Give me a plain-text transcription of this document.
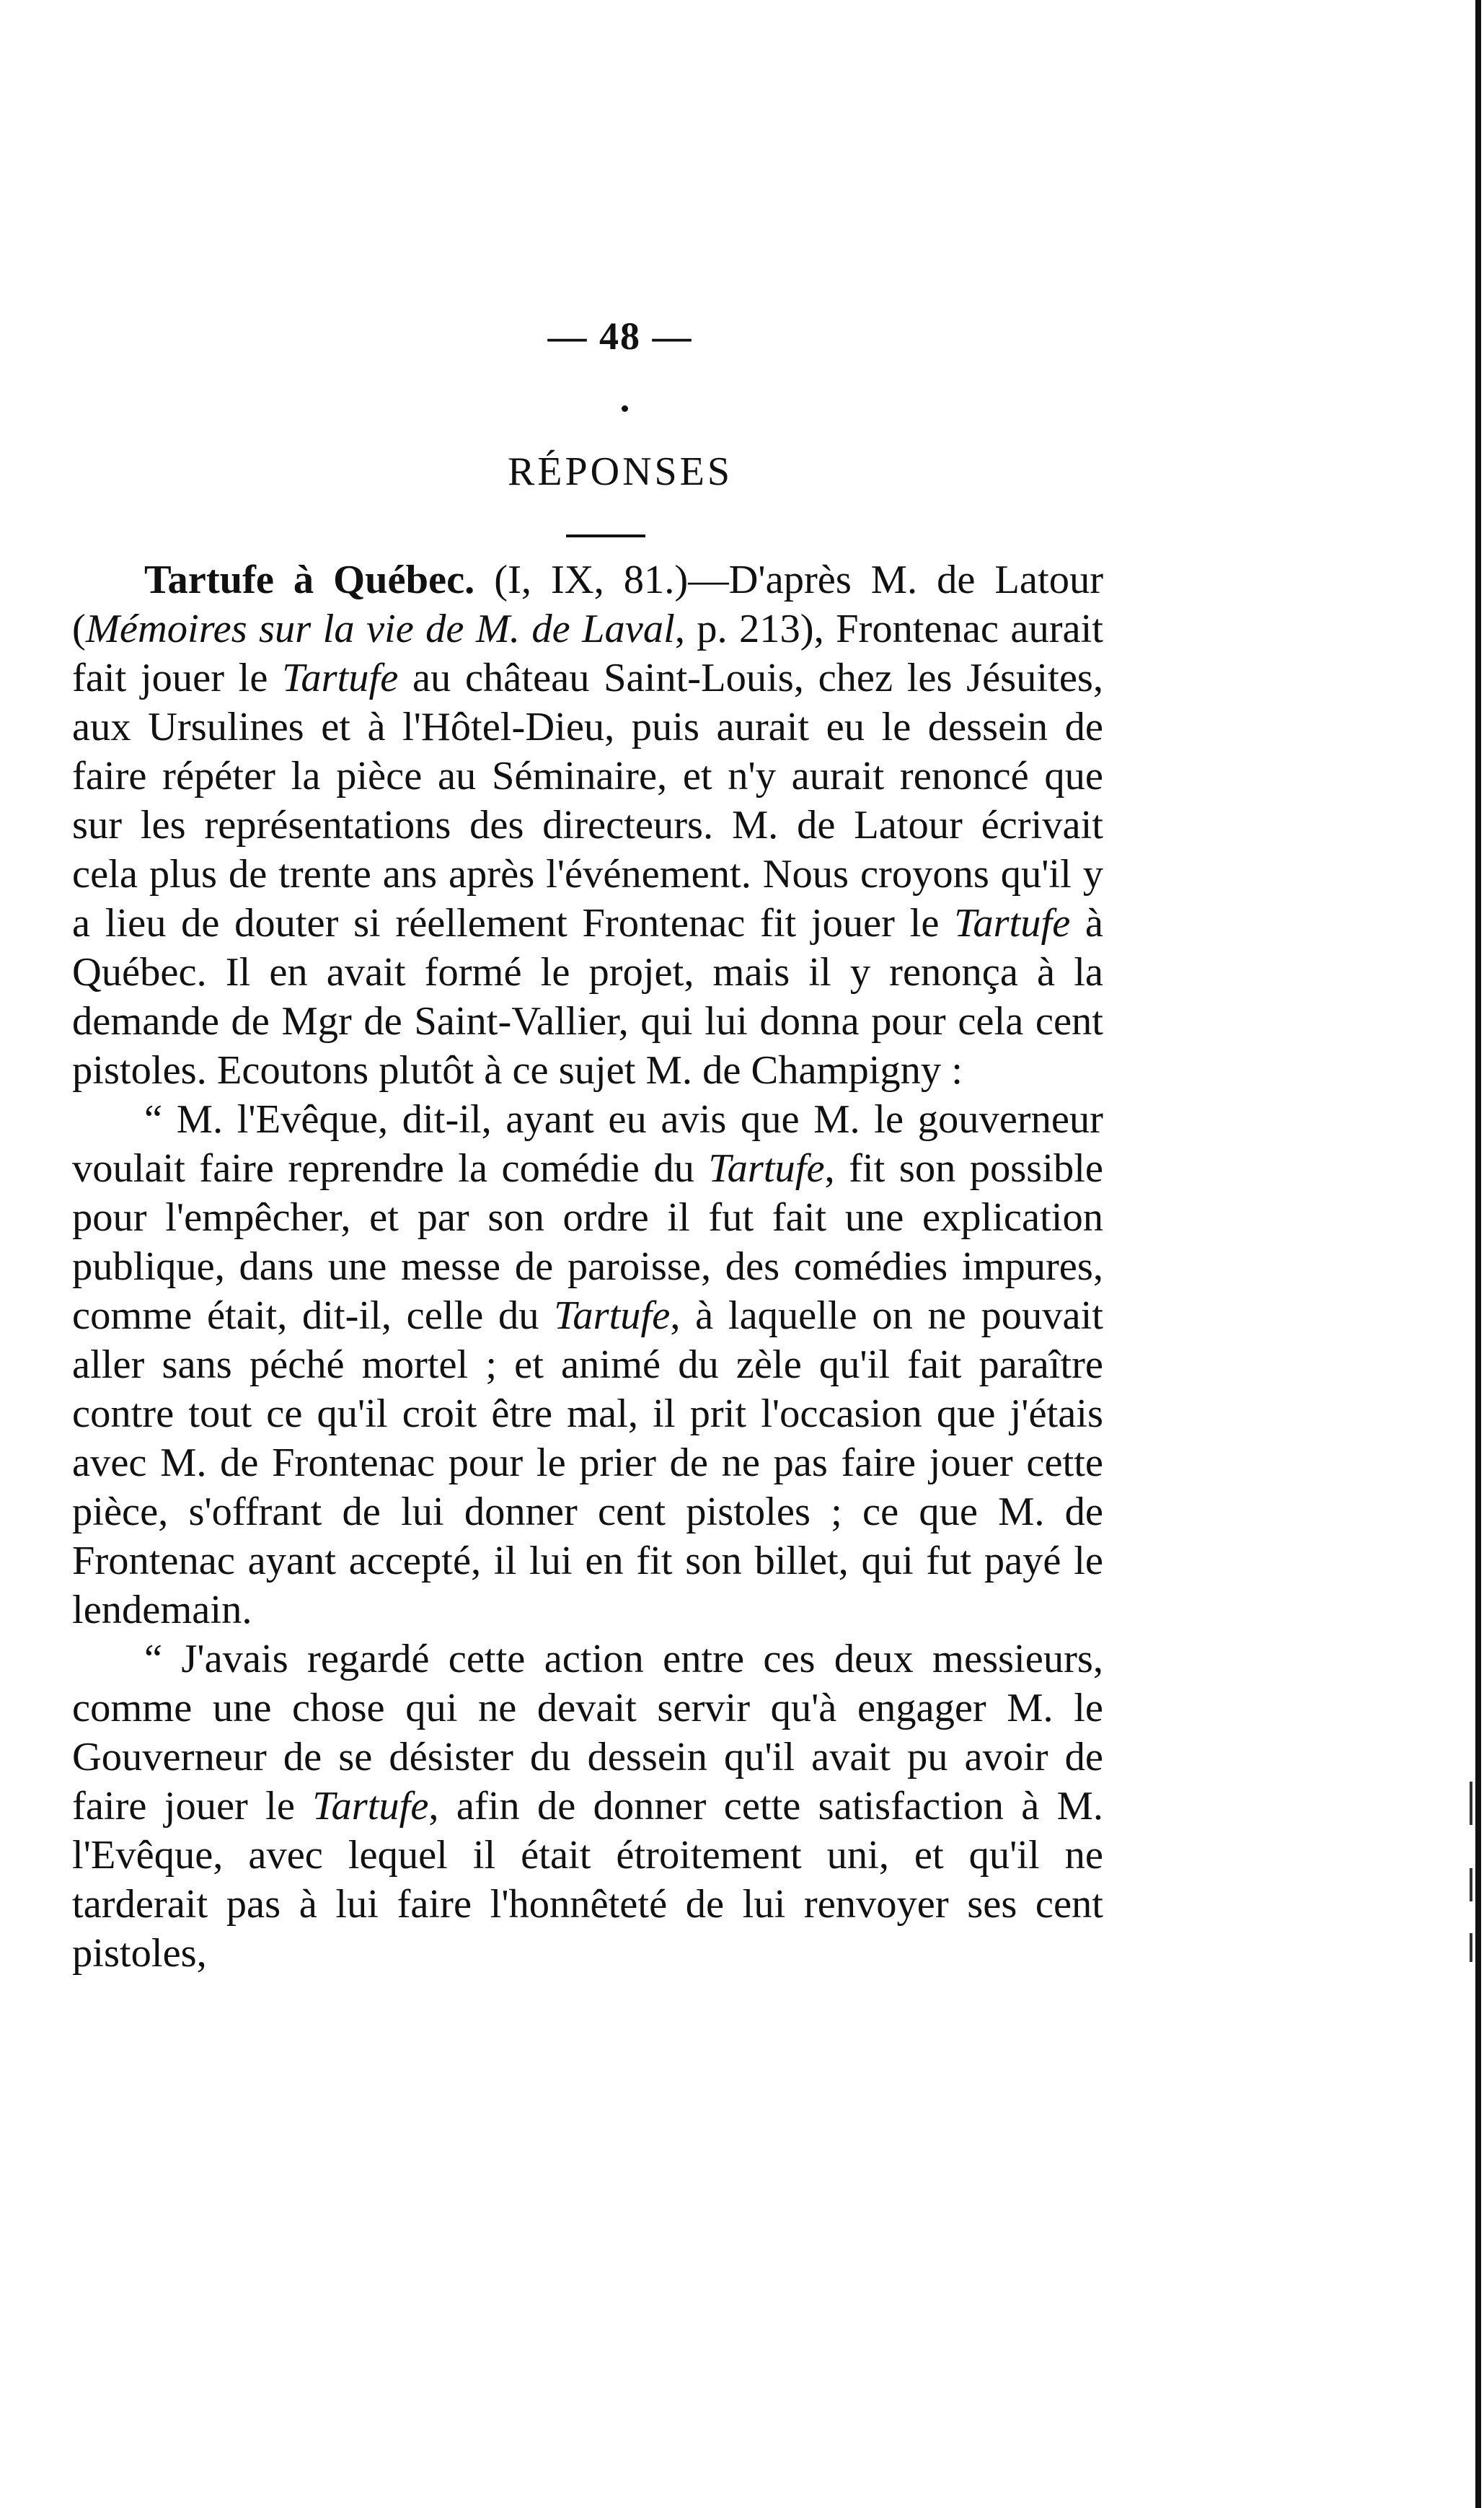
— 48 —
RÉPONSES

Tartufe à Québec. (I, IX, 81.)—D'après M. de Latour (Mémoires sur la vie de M. de Laval, p. 213), Frontenac aurait fait jouer le Tartufe au château Saint-Louis, chez les Jésuites, aux Ursulines et à l'Hôtel-Dieu, puis aurait eu le dessein de faire répéter la pièce au Séminaire, et n'y aurait renoncé que sur les représentations des directeurs. M. de Latour écrivait cela plus de trente ans après l'événement. Nous croyons qu'il y a lieu de douter si réellement Frontenac fit jouer le Tartufe à Québec. Il en avait formé le projet, mais il y renonça à la demande de Mgr de Saint-Vallier, qui lui donna pour cela cent pistoles. Ecoutons plutôt à ce sujet M. de Champigny :

“ M. l'Evêque, dit-il, ayant eu avis que M. le gouverneur voulait faire reprendre la comédie du Tartufe, fit son possible pour l'empêcher, et par son ordre il fut fait une explication publique, dans une messe de paroisse, des comédies impures, comme était, dit-il, celle du Tartufe, à laquelle on ne pouvait aller sans péché mortel ; et animé du zèle qu'il fait paraître contre tout ce qu'il croit être mal, il prit l'occasion que j'étais avec M. de Frontenac pour le prier de ne pas faire jouer cette pièce, s'offrant de lui donner cent pistoles ; ce que M. de Frontenac ayant accepté, il lui en fit son billet, qui fut payé le lendemain.

“ J'avais regardé cette action entre ces deux messieurs, comme une chose qui ne devait servir qu'à engager M. le Gouverneur de se désister du dessein qu'il avait pu avoir de faire jouer le Tartufe, afin de donner cette satisfaction à M. l'Evêque, avec lequel il était étroitement uni, et qu'il ne tarderait pas à lui faire l'honnêteté de lui renvoyer ses cent pistoles,
